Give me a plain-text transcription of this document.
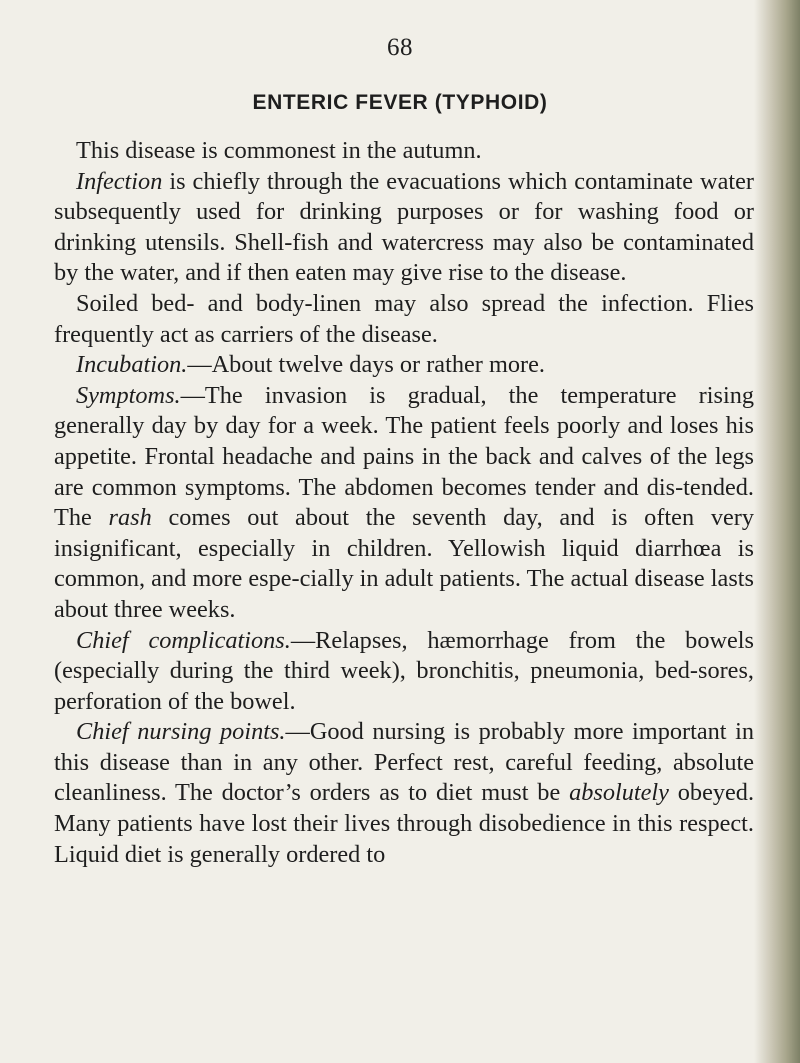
68
ENTERIC FEVER (TYPHOID)

This disease is commonest in the autumn.

Infection is chiefly through the evacuations which contaminate water subsequently used for drinking purposes or for washing food or drinking utensils. Shell-fish and watercress may also be contaminated by the water, and if then eaten may give rise to the disease.

Soiled bed- and body-linen may also spread the infection. Flies frequently act as carriers of the disease.

Incubation.—About twelve days or rather more.

Symptoms.—The invasion is gradual, the temperature rising generally day by day for a week. The patient feels poorly and loses his appetite. Frontal headache and pains in the back and calves of the legs are common symptoms. The abdomen becomes tender and dis-tended. The rash comes out about the seventh day, and is often very insignificant, especially in children. Yellowish liquid diarrhœa is common, and more espe-cially in adult patients. The actual disease lasts about three weeks.

Chief complications.—Relapses, hæmorrhage from the bowels (especially during the third week), bronchitis, pneumonia, bed-sores, perforation of the bowel.

Chief nursing points.—Good nursing is probably more important in this disease than in any other. Perfect rest, careful feeding, absolute cleanliness. The doctor’s orders as to diet must be absolutely obeyed. Many patients have lost their lives through disobedience in this respect. Liquid diet is generally ordered to
